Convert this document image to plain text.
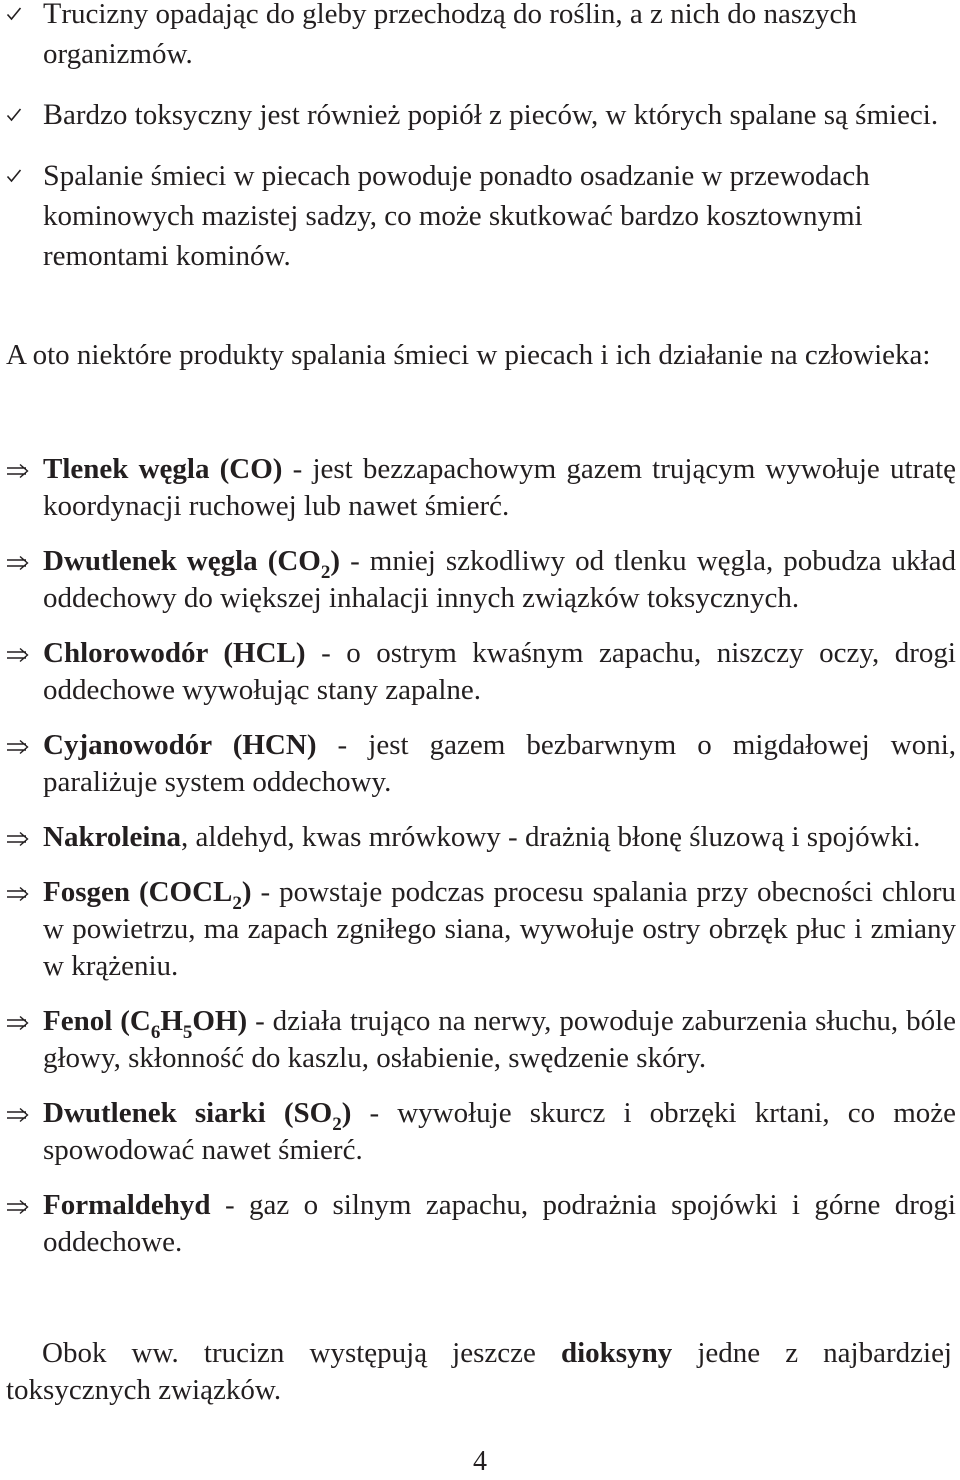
Trucizny opadając do gleby przechodzą do roślin, a z nich do naszych organizmów.
Bardzo toksyczny jest również popiół z pieców, w których spalane są śmieci.
Spalanie śmieci w piecach powoduje ponadto osadzanie w przewodach kominowych mazistej sadzy, co może skutkować bardzo kosztownymi remontami kominów.

A oto niektóre produkty spalania śmieci w piecach i ich działanie na człowieka:

Tlenek węgla (CO) - jest bezzapachowym gazem trującym wywołuje utratę koordynacji ruchowej lub nawet śmierć.
Dwutlenek węgla $(CO_2)$ - mniej szkodliwy od tlenku węgla, pobudza układ oddechowy do większej inhalacji innych związków toksycznych.
Chlorowodór (HCL) - o ostrym kwaśnym zapachu, niszczy oczy, drogi oddechowe wywołując stany zapalne.
Cyjanowodór (HCN) - jest gazem bezbarwnym o migdałowej woni, paraliżuje system oddechowy.
Nakroleina, aldehyd, kwas mrówkowy - drażnią błonę śluzową i spojówki.
Fosgen $(COCL_2)$ - powstaje podczas procesu spalania przy obecności chloru w powietrzu, ma zapach zgniłego siana, wywołuje ostry obrzęk płuc i zmiany w krążeniu.
Fenol $(C_6H_5OH)$ - działa trująco na nerwy, powoduje zaburzenia słuchu, bóle głowy, skłonność do kaszlu, osłabienie, swędzenie skóry.
Dwutlenek siarki $(SO_2)$ - wywołuje skurcz i obrzęki krtani, co może spowodować nawet śmierć.
Formaldehyd - gaz o silnym zapachu, podrażnia spojówki i górne drogi oddechowe.

Obok ww. trucizn występują jeszcze dioksyny jedne z najbardziej toksycznych związków.

4
